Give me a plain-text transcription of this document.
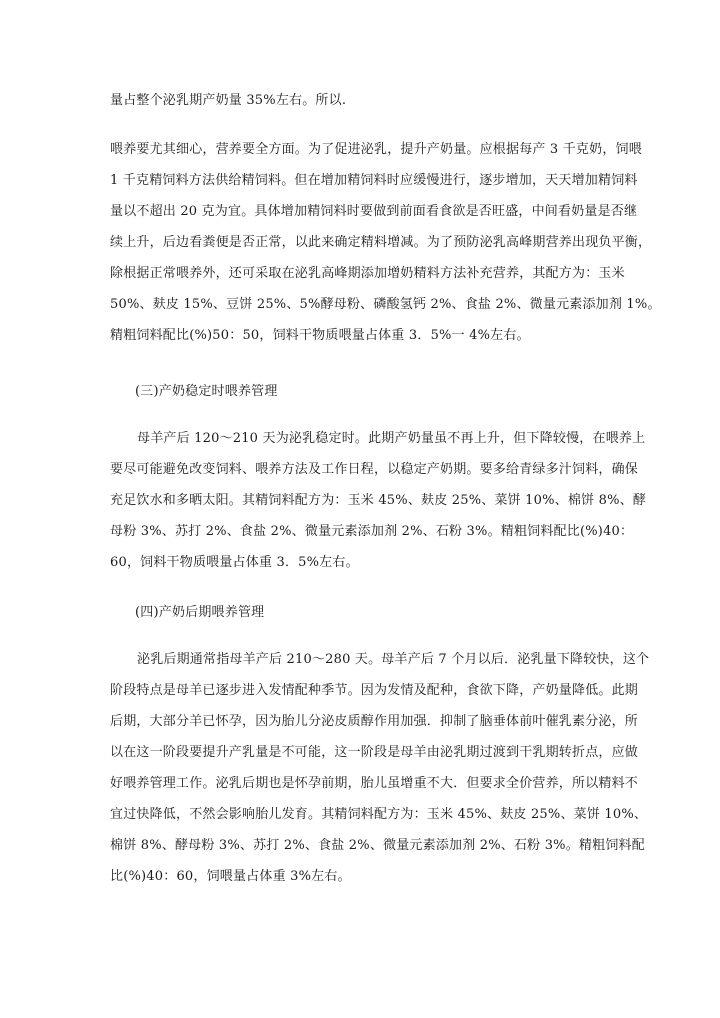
量占整个泌乳期产奶量 35%左右。所以.
喂养要尤其细心，营养要全方面。为了促进泌乳，提升产奶量。应根据每产 3 千克奶，饲喂
1 千克精饲料方法供给精饲料。但在增加精饲料时应缓慢进行，逐步增加，天天增加精饲料
量以不超出 20 克为宜。具体增加精饲料时要做到前面看食欲是否旺盛，中间看奶量是否继
续上升，后边看粪便是否正常，以此来确定精料增减。为了预防泌乳高峰期营养出现负平衡，
除根据正常喂养外，还可采取在泌乳高峰期添加增奶精料方法补充营养，其配方为：玉米
50%、麸皮 15%、豆饼 25%、5%酵母粉、磷酸氢钙 2%、食盐 2%、微量元素添加剂 1%。
精粗饲料配比(%)50：50，饲料干物质喂量占体重 3．5%一 4%左右。
(三)产奶稳定时喂养管理
母羊产后 120～210 天为泌乳稳定时。此期产奶量虽不再上升，但下降较慢，在喂养上
要尽可能避免改变饲料、喂养方法及工作日程，以稳定产奶期。要多给青绿多汁饲料，确保
充足饮水和多晒太阳。其精饲料配方为：玉米 45%、麸皮 25%、菜饼 10%、棉饼 8%、酵
母粉 3%、苏打 2%、食盐 2%、微量元素添加剂 2%、石粉 3%。精粗饲料配比(%)40：
60，饲料干物质喂量占体重 3．5%左右。
(四)产奶后期喂养管理
泌乳后期通常指母羊产后 210～280 天。母羊产后 7 个月以后．泌乳量下降较快，这个
阶段特点是母羊已逐步进入发情配种季节。因为发情及配种，食欲下降，产奶量降低。此期
后期，大部分羊已怀孕，因为胎儿分泌皮质醇作用加强．抑制了脑垂体前叶催乳素分泌，所
以在这一阶段要提升产乳量是不可能，这一阶段是母羊由泌乳期过渡到干乳期转折点，应做
好喂养管理工作。泌乳后期也是怀孕前期，胎儿虽增重不大．但要求全价营养，所以精料不
宜过快降低，不然会影响胎儿发育。其精饲料配方为：玉米 45%、麸皮 25%、菜饼 10%、
棉饼 8%、酵母粉 3%、苏打 2%、食盐 2%、微量元素添加剂 2%、石粉 3%。精粗饲料配
比(%)40：60，饲喂量占体重 3%左右。
